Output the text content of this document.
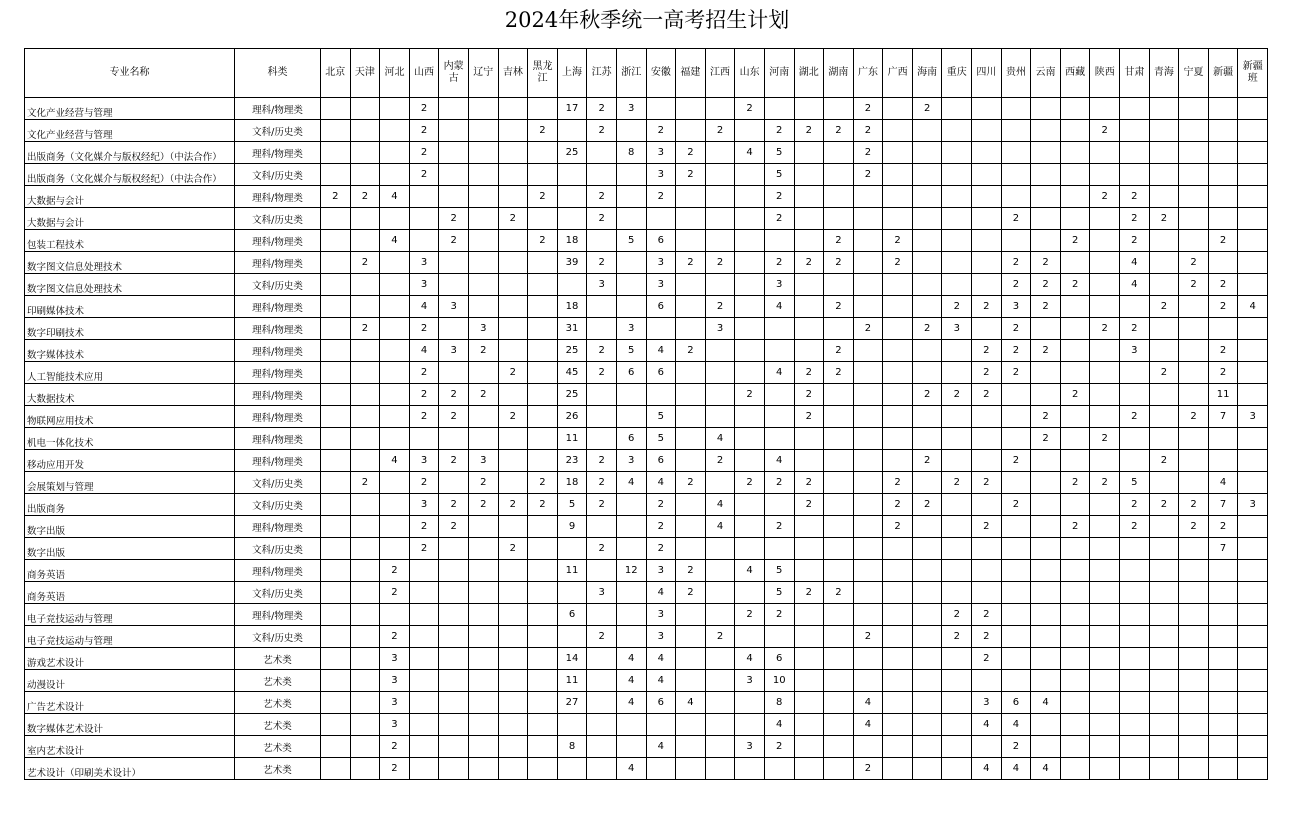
2024年秋季统一高考招生计划
专业名称	科类	北京	天津	河北	山西	内蒙古	辽宁	吉林	黑龙江	上海	江苏	浙江	安徽	福建	江西	山东	河南	湖北	湖南	广东	广西	海南	重庆	四川	贵州	云南	西藏	陕西	甘肃	青海	宁夏	新疆	新疆班
文化产业经营与管理	理科/物理类				2					17	2	3				2				2		2											
文化产业经营与管理	文科/历史类				2				2		2		2		2		2	2	2	2								2					
出版商务（文化媒介与版权经纪）（中法合作）	理科/物理类				2					25		8	3	2		4	5			2													
出版商务（文化媒介与版权经纪）（中法合作）	文科/历史类				2								3	2			5			2													
大数据与会计	理科/物理类	2	2	4					2		2		2				2											2	2				
大数据与会计	文科/历史类					2		2			2						2								2				2	2			
包装工程技术	理科/物理类			4		2			2	18		5	6						2		2						2		2			2	
数字图文信息处理技术	理科/物理类		2		3					39	2		3	2	2		2	2	2		2				2	2			4		2		
数字图文信息处理技术	文科/历史类				3						3		3				3								2	2	2		4		2	2	
印刷媒体技术	理科/物理类				4	3				18			6		2		4		2				2	2	3	2				2		2	4
数字印刷技术	理科/物理类		2		2		3			31		3			3					2		2	3		2			2	2				
数字媒体技术	理科/物理类				4	3	2			25	2	5	4	2					2					2	2	2			3			2	
人工智能技术应用	理科/物理类				2			2		45	2	6	6				4	2	2					2	2					2		2	
大数据技术	理科/物理类				2	2	2			25						2		2				2	2	2			2					11	
物联网应用技术	理科/物理类				2	2		2		26			5					2								2			2		2	7	3
机电一体化技术	理科/物理类									11		6	5		4											2		2					
移动应用开发	理科/物理类			4	3	2	3			23	2	3	6		2		4					2			2					2			
会展策划与管理	文科/历史类		2		2		2		2	18	2	4	4	2		2	2	2			2		2	2			2	2	5			4	
出版商务	文科/历史类				3	2	2	2	2	5	2		2		4			2			2	2			2				2	2	2	7	3
数字出版	理科/物理类				2	2				9			2		4		2				2			2			2		2		2	2	
数字出版	文科/历史类				2			2			2		2																			7	
商务英语	理科/物理类			2						11		12	3	2		4	5																
商务英语	文科/历史类			2							3		4	2			5	2	2														
电子竞技运动与管理	理科/物理类									6			3			2	2						2	2									
电子竞技运动与管理	文科/历史类			2							2		3		2					2			2	2									
游戏艺术设计	艺术类			3						14		4	4			4	6							2									
动漫设计	艺术类			3						11		4	4			3	10																
广告艺术设计	艺术类			3						27		4	6	4			8			4				3	6	4							
数字媒体艺术设计	艺术类			3													4			4				4	4								
室内艺术设计	艺术类			2						8			4			3	2								2								
艺术设计（印刷美术设计）	艺术类			2								4								2				4	4	4							
